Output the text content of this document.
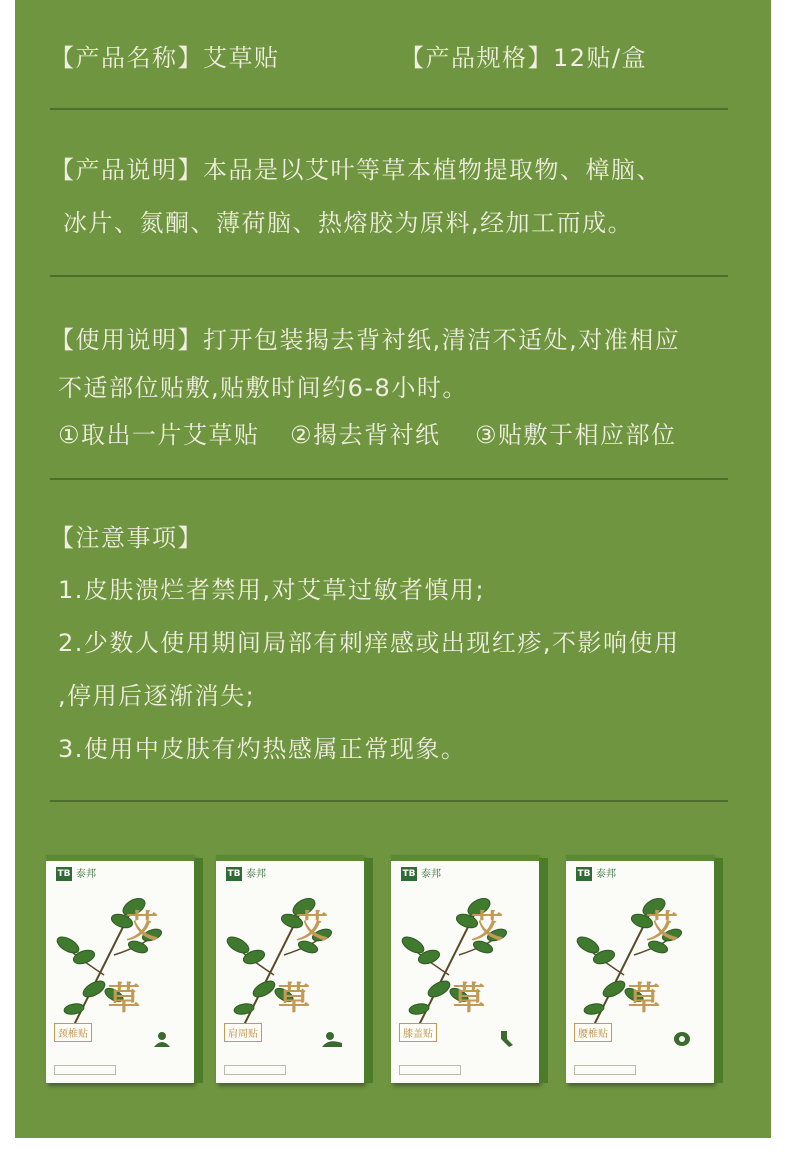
【产品名称】艾草贴	【产品规格】12贴/盒
【产品说明】本品是以艾叶等草本植物提取物、樟脑、
冰片、氮酮、薄荷脑、热熔胶为原料,经加工而成。
【使用说明】打开包装揭去背衬纸,清洁不适处,对准相应
不适部位贴敷,贴敷时间约6-8小时。
①取出一片艾草贴 ②揭去背衬纸 ③贴敷于相应部位
【注意事项】
1.皮肤溃烂者禁用,对艾草过敏者慎用;
2.少数人使用期间局部有刺痒感或出现红疹,不影响使用
,停用后逐渐消失;
3.使用中皮肤有灼热感属正常现象。
TB 泰邦
艾
草
颈椎贴
TB 泰邦
艾
草
肩周贴
TB 泰邦
艾
草
膝盖贴
TB 泰邦
艾
草
腰椎贴
